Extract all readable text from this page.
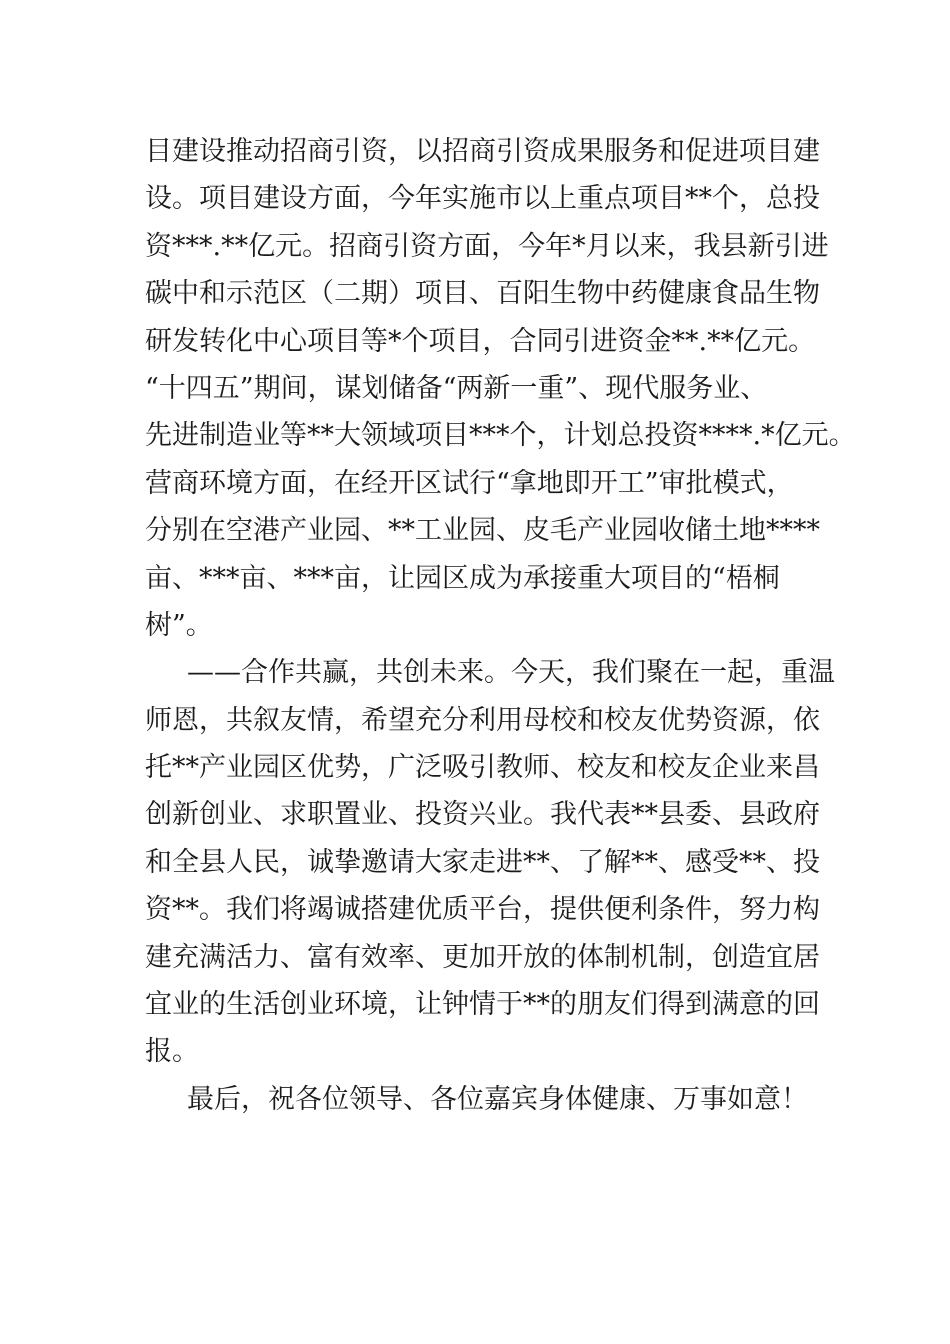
目建设推动招商引资，以招商引资成果服务和促进项目建

设。项目建设方面，今年实施市以上重点项目**个，总投

资***.**亿元。招商引资方面，今年*月以来，我县新引进

碳中和示范区（二期）项目、百阳生物中药健康食品生物

研发转化中心项目等*个项目，合同引进资金**.**亿元。

“十四五”期间，谋划储备“两新一重”、现代服务业、

先进制造业等**大领域项目***个，计划总投资****.*亿元。

营商环境方面，在经开区试行“拿地即开工”审批模式，

分别在空港产业园、**工业园、皮毛产业园收储土地****

亩、***亩、***亩，让园区成为承接重大项目的“梧桐

树”。

——合作共赢，共创未来。今天，我们聚在一起，重温

师恩，共叙友情，希望充分利用母校和校友优势资源，依

托**产业园区优势，广泛吸引教师、校友和校友企业来昌

创新创业、求职置业、投资兴业。我代表**县委、县政府

和全县人民，诚挚邀请大家走进**、了解**、感受**、投

资**。我们将竭诚搭建优质平台，提供便利条件，努力构

建充满活力、富有效率、更加开放的体制机制，创造宜居

宜业的生活创业环境，让钟情于**的朋友们得到满意的回

报。

最后，祝各位领导、各位嘉宾身体健康、万事如意！
